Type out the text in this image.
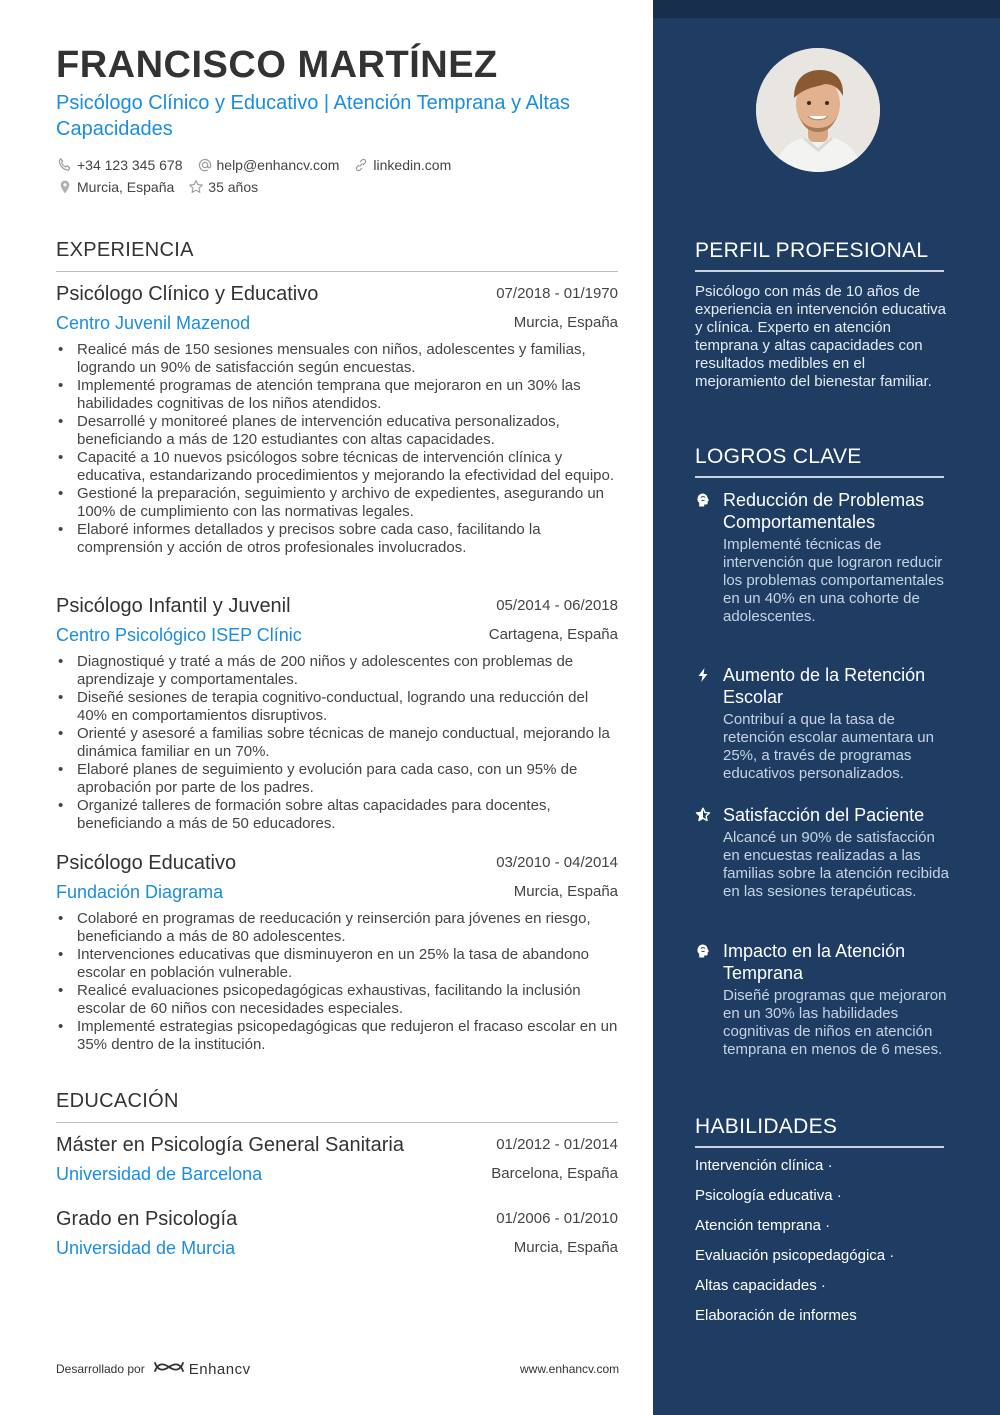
FRANCISCO MARTÍNEZ
Psicólogo Clínico y Educativo | Atención Temprana y Altas Capacidades
+34 123 345 678 help@enhancv.com linkedin.com
Murcia, España 35 años
EXPERIENCIA
Psicólogo Clínico y Educativo	07/2018 - 01/1970
Centro Juvenil Mazenod	Murcia, España
• Realicé más de 150 sesiones mensuales con niños, adolescentes y familias, logrando un 90% de satisfacción según encuestas.
• Implementé programas de atención temprana que mejoraron en un 30% las habilidades cognitivas de los niños atendidos.
• Desarrollé y monitoreé planes de intervención educativa personalizados, beneficiando a más de 120 estudiantes con altas capacidades.
• Capacité a 10 nuevos psicólogos sobre técnicas de intervención clínica y educativa, estandarizando procedimientos y mejorando la efectividad del equipo.
• Gestioné la preparación, seguimiento y archivo de expedientes, asegurando un 100% de cumplimiento con las normativas legales.
• Elaboré informes detallados y precisos sobre cada caso, facilitando la comprensión y acción de otros profesionales involucrados.
Psicólogo Infantil y Juvenil	05/2014 - 06/2018
Centro Psicológico ISEP Clínic	Cartagena, España
• Diagnostiqué y traté a más de 200 niños y adolescentes con problemas de aprendizaje y comportamentales.
• Diseñé sesiones de terapia cognitivo-conductual, logrando una reducción del 40% en comportamientos disruptivos.
• Orienté y asesoré a familias sobre técnicas de manejo conductual, mejorando la dinámica familiar en un 70%.
• Elaboré planes de seguimiento y evolución para cada caso, con un 95% de aprobación por parte de los padres.
• Organizé talleres de formación sobre altas capacidades para docentes, beneficiando a más de 50 educadores.
Psicólogo Educativo	03/2010 - 04/2014
Fundación Diagrama	Murcia, España
• Colaboré en programas de reeducación y reinserción para jóvenes en riesgo, beneficiando a más de 80 adolescentes.
• Intervenciones educativas que disminuyeron en un 25% la tasa de abandono escolar en población vulnerable.
• Realicé evaluaciones psicopedagógicas exhaustivas, facilitando la inclusión escolar de 60 niños con necesidades especiales.
• Implementé estrategias psicopedagógicas que redujeron el fracaso escolar en un 35% dentro de la institución.
EDUCACIÓN
Máster en Psicología General Sanitaria	01/2012 - 01/2014
Universidad de Barcelona	Barcelona, España
Grado en Psicología	01/2006 - 01/2010
Universidad de Murcia	Murcia, España
Desarrollado por	Enhancv	www.enhancv.com
PERFIL PROFESIONAL
Psicólogo con más de 10 años de experiencia en intervención educativa y clínica. Experto en atención temprana y altas capacidades con resultados medibles en el mejoramiento del bienestar familiar.
LOGROS CLAVE
Reducción de Problemas Comportamentales
Implementé técnicas de intervención que lograron reducir los problemas comportamentales en un 40% en una cohorte de adolescentes.
Aumento de la Retención Escolar
Contribuí a que la tasa de retención escolar aumentara un 25%, a través de programas educativos personalizados.
Satisfacción del Paciente
Alcancé un 90% de satisfacción en encuestas realizadas a las familias sobre la atención recibida en las sesiones terapéuticas.
Impacto en la Atención Temprana
Diseñé programas que mejoraron en un 30% las habilidades cognitivas de niños en atención temprana en menos de 6 meses.
HABILIDADES
Intervención clínica ·
Psicología educativa ·
Atención temprana ·
Evaluación psicopedagógica ·
Altas capacidades ·
Elaboración de informes
